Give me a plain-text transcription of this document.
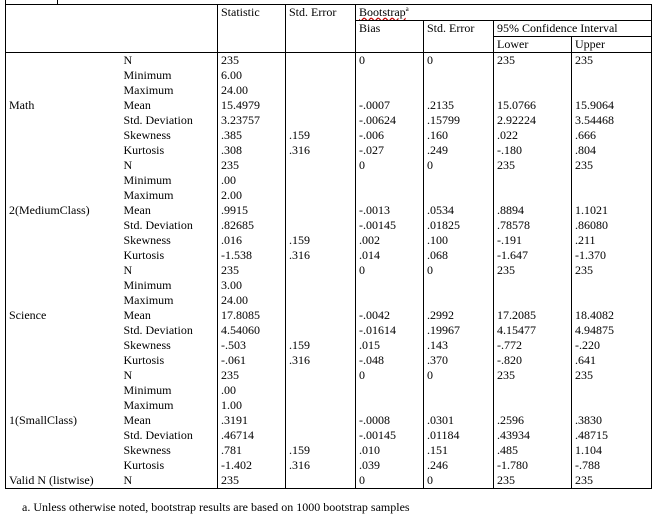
		Statistic	Std. Error	Bootstrap$^a$
				Bias	Std. Error	95% Confidence Interval	
						Lower	Upper
Math	N	235		0	0	235	235
	Minimum	6.00					
	Maximum	24.00					
	Mean	15.4979		-.0007	.2135	15.0766	15.9064
	Std. Deviation	3.23757		-.00624	.15799	2.92224	3.54468
	Skewness	.385	.159	-.006	.160	.022	.666
	Kurtosis	.308	.316	-.027	.249	-.180	.804
2(MediumClass)	N	235		0	0	235	235
	Minimum	.00					
	Maximum	2.00					
	Mean	.9915		-.0013	.0534	.8894	1.1021
	Std. Deviation	.82685		-.00145	.01825	.78578	.86080
	Skewness	.016	.159	.002	.100	-.191	.211
	Kurtosis	-1.538	.316	.014	.068	-1.647	-1.370
Science	N	235		0	0	235	235
	Minimum	3.00					
	Maximum	24.00					
	Mean	17.8085		-.0042	.2992	17.2085	18.4082
	Std. Deviation	4.54060		-.01614	.19967	4.15477	4.94875
	Skewness	-.503	.159	.015	.143	-.772	-.220
	Kurtosis	-.061	.316	-.048	.370	-.820	.641
1(SmallClass)	N	235		0	0	235	235
	Minimum	.00					
	Maximum	1.00					
	Mean	.3191		-.0008	.0301	.2596	.3830
	Std. Deviation	.46714		-.00145	.01184	.43934	.48715
	Skewness	.781	.159	.010	.151	.485	1.104
	Kurtosis	-1.402	.316	.039	.246	-1.780	-.788
Valid N (listwise)	N	235		0	0	235	235
a. Unless otherwise noted, bootstrap results are based on 1000 bootstrap samples
